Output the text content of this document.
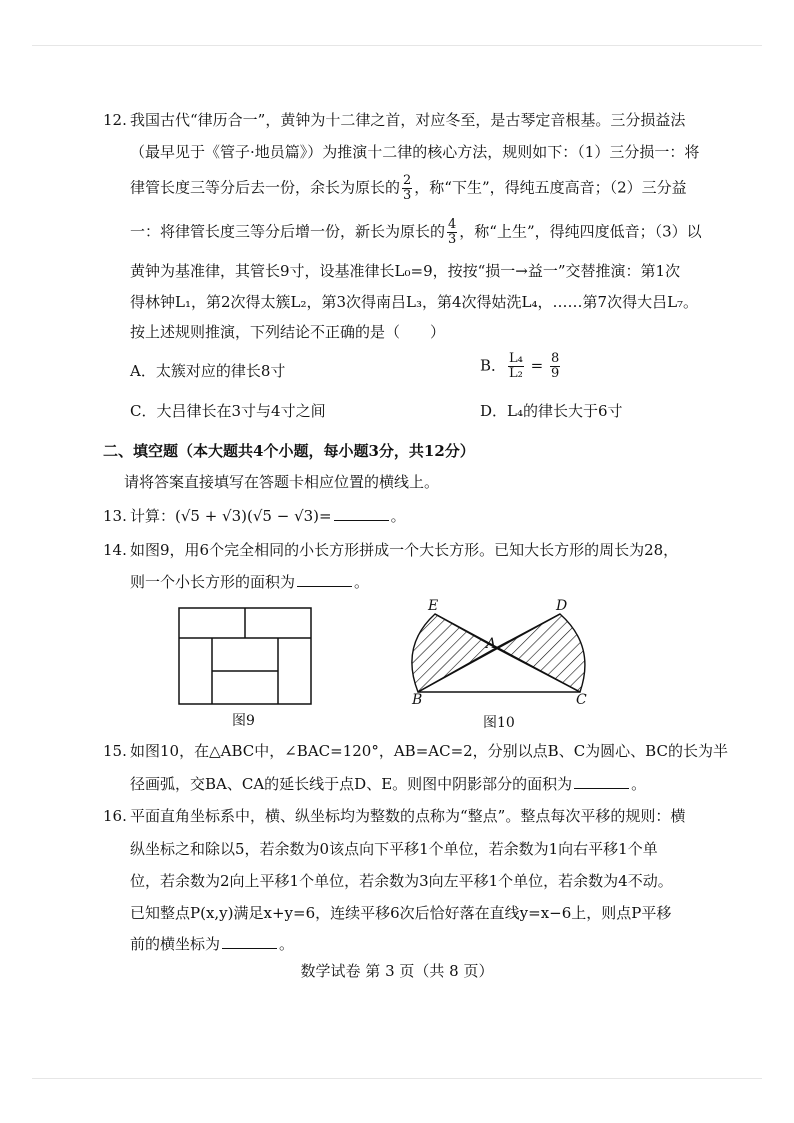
12. 我国古代“律历合一”，黄钟为十二律之首，对应冬至，是古琴定音根基。三分损益法
（最早见于《管子·地员篇》）为推演十二律的核心方法，规则如下：（1）三分损一：将
律管长度三等分后去一份，余长为原长的 $\frac{2}{3}$ ，称“下生”，得纯五度高音；（2）三分益
一：将律管长度三等分后增一份，新长为原长的 $\frac{4}{3}$ ，称“上生”，得纯四度低音；（3）以
黄钟为基准律，其管长9寸，设基准律长L₀=9，按按“损一→益一”交替推演：第1次
得林钟L₁，第2次得太簇L₂，第3次得南吕L₃，第4次得姑洗L₄，……第7次得大吕L₇。
按上述规则推演，下列结论不正确的是（　　）
A．太簇对应的律长8寸	B． $\frac{\text{L₄}}{\text{L₂}} = \frac{8}{9}$
C．大吕律长在3寸与4寸之间	D．L₄的律长大于6寸
二、填空题（本大题共4个小题，每小题3分，共12分）
请将答案直接填写在答题卡相应位置的横线上。
13. 计算：(√5 + √3)(√5 − √3)=	。
14. 如图9，用6个完全相同的小长方形拼成一个大长方形。已知大长方形的周长为28，
则一个小长方形的面积为	。
图9
E	D
A
B	C
图10
15. 如图10，在△ABC中，∠BAC=120°，AB=AC=2，分别以点B、C为圆心、BC的长为半
径画弧，交BA、CA的延长线于点D、E。则图中阴影部分的面积为	。
16. 平面直角坐标系中，横、纵坐标均为整数的点称为“整点”。整点每次平移的规则：横
纵坐标之和除以5，若余数为0该点向下平移1个单位，若余数为1向右平移1个单
位，若余数为2向上平移1个单位，若余数为3向左平移1个单位，若余数为4不动。
已知整点P(x,y)满足x+y=6，连续平移6次后恰好落在直线y=x−6上，则点P平移
前的横坐标为	。
数学试卷 第 3 页（共 8 页）
